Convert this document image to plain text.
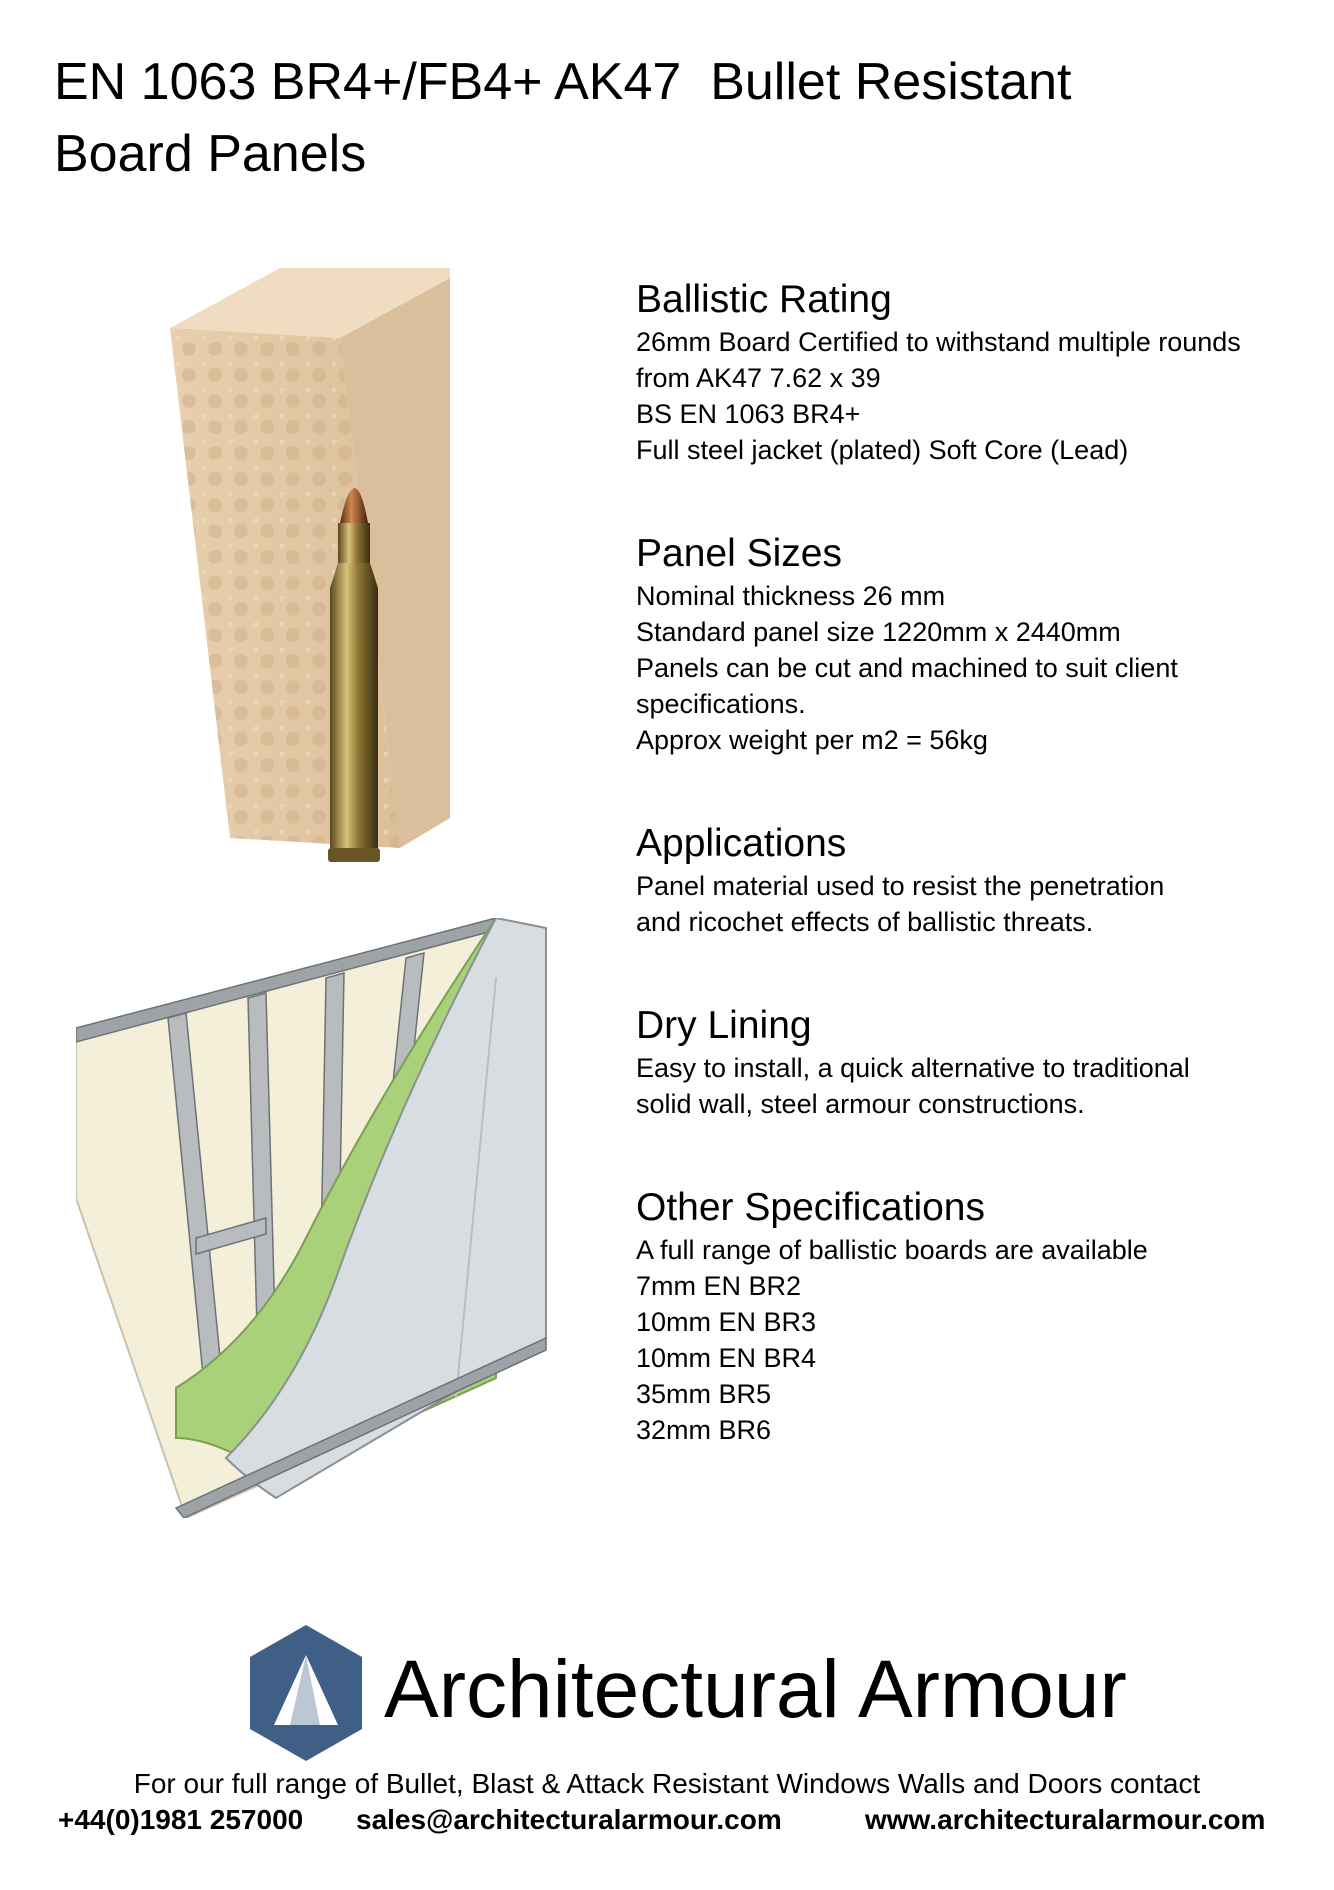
EN 1063 BR4+/FB4+ AK47  Bullet Resistant
Board Panels
Ballistic Rating
26mm Board Certified to withstand multiple rounds
from AK47 7.62 x 39
BS EN 1063 BR4+
Full steel jacket (plated) Soft Core (Lead)
Panel Sizes
Nominal thickness 26 mm
Standard panel size 1220mm x 2440mm
Panels can be cut and machined to suit client
specifications.
Approx weight per m2 = 56kg
Applications
Panel material used to resist the penetration
and ricochet effects of ballistic threats.
Dry Lining
Easy to install, a quick alternative to traditional
solid wall, steel armour constructions.
Other Specifications
A full range of ballistic boards are available
7mm EN BR2
10mm EN BR3
10mm EN BR4
35mm BR5
32mm BR6
Architectural Armour
For our full range of Bullet, Blast & Attack Resistant Windows Walls and Doors contact
+44(0)1981 257000 sales@architecturalarmour.com	www.architecturalarmour.com
